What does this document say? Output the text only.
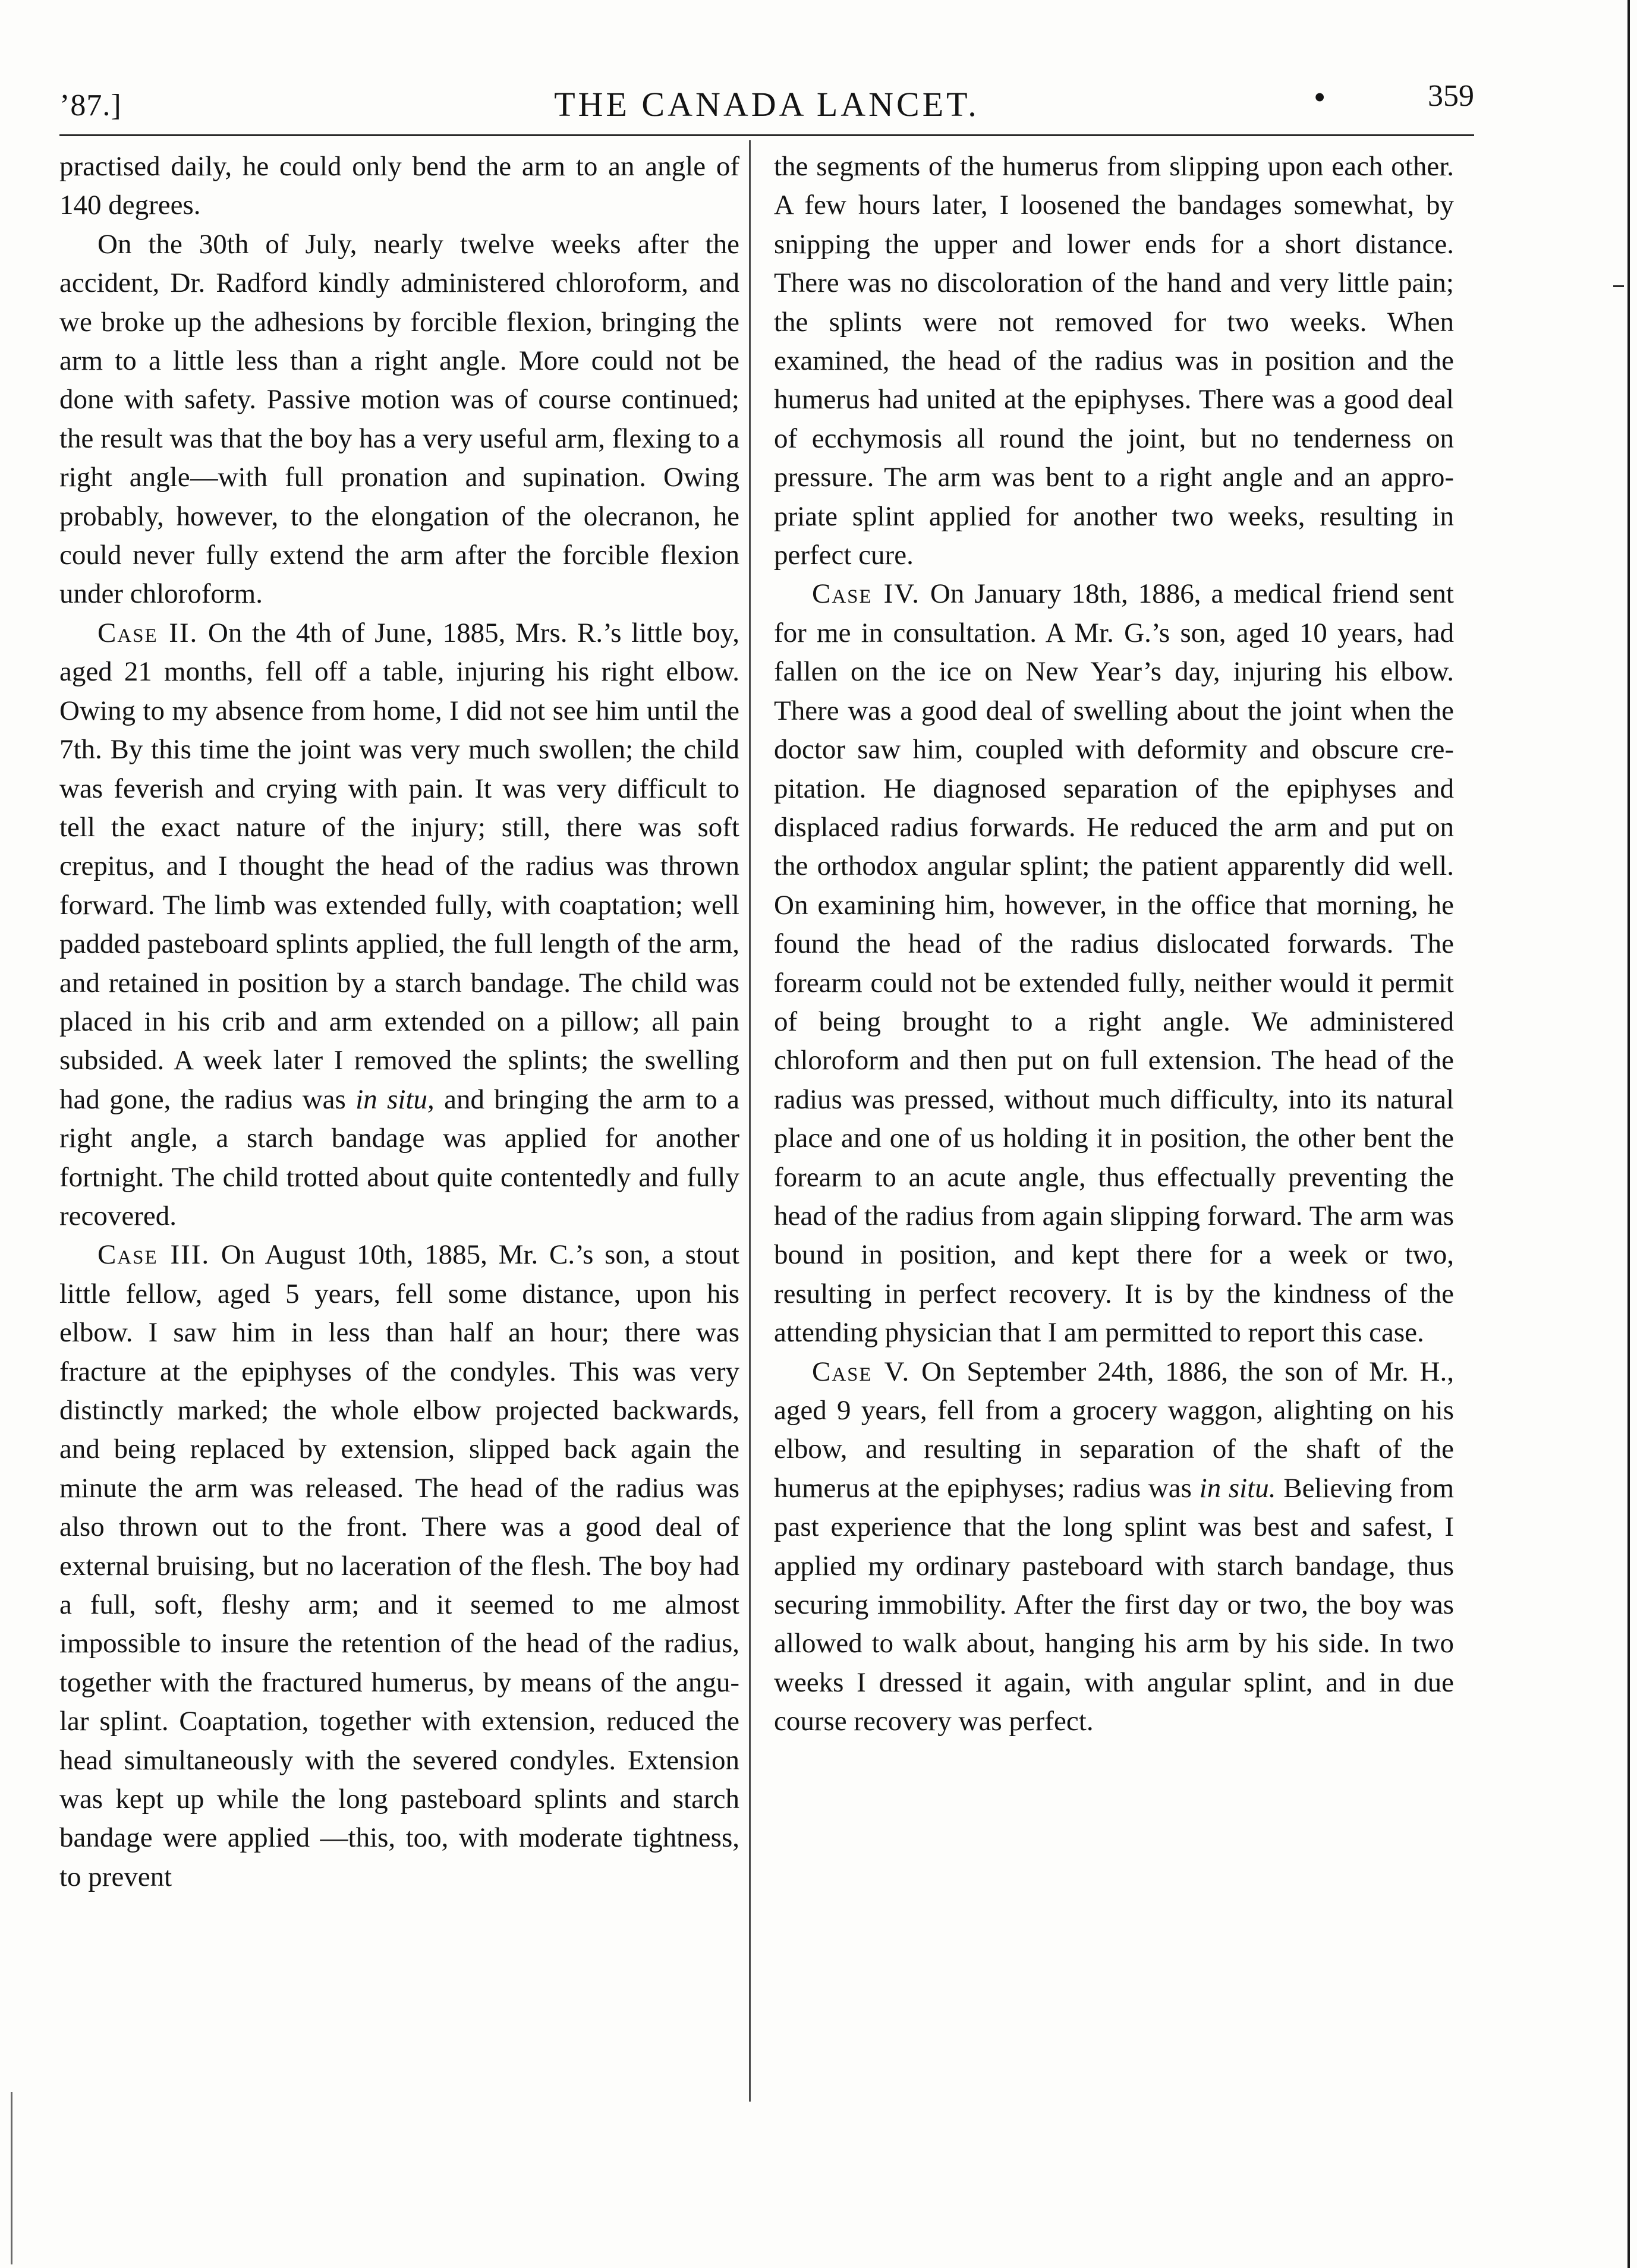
’87.]	THE CANADA LANCET.	•	359

practised daily, he could only bend the arm to an angle of 140 degrees.

On the 30th of July, nearly twelve weeks after the accident, Dr. Radford kindly administered chloroform, and we broke up the adhesions by forcible flexion, bringing the arm to a little less than a right angle. More could not be done with safety. Passive motion was of course continued; the result was that the boy has a very useful arm, flexing to a right angle—with full pronation and supination. Owing probably, however, to the elongation of the olecranon, he could never fully extend the arm after the forcible flexion under chloroform.

Case II. On the 4th of June, 1885, Mrs. R.’s little boy, aged 21 months, fell off a table, injuring his right elbow. Owing to my absence from home, I did not see him until the 7th. By this time the joint was very much swollen; the child was feverish and crying with pain. It was very difficult to tell the exact nature of the injury; still, there was soft crepitus, and I thought the head of the radius was thrown forward. The limb was extended fully, with coaptation; well padded pasteboard splints applied, the full length of the arm, and retained in position by a starch bandage. The child was placed in his crib and arm extended on a pillow; all pain subsided. A week later I removed the splints; the swelling had gone, the radius was in situ, and bringing the arm to a right angle, a starch bandage was applied for another fortnight. The child trotted about quite contentedly and fully recovered.

Case III. On August 10th, 1885, Mr. C.’s son, a stout little fellow, aged 5 years, fell some distance, upon his elbow. I saw him in less than half an hour; there was fracture at the epiphyses of the condyles. This was very distinctly marked; the whole elbow projected backwards, and being replaced by extension, slipped back again the minute the arm was released. The head of the radius was also thrown out to the front. There was a good deal of external bruising, but no laceration of the flesh. The boy had a full, soft, fleshy arm; and it seemed to me almost impossible to insure the retention of the head of the radius, together with the fractured humerus, by means of the angular splint. Coaptation, together with extension, reduced the head simultaneously with the severed condyles. Extension was kept up while the long pasteboard splints and starch bandage were applied —this, too, with moderate tightness, to prevent

the segments of the humerus from slipping upon each other. A few hours later, I loosened the bandages somewhat, by snipping the upper and lower ends for a short distance. There was no discoloration of the hand and very little pain; the splints were not removed for two weeks. When examined, the head of the radius was in position and the humerus had united at the epiphyses. There was a good deal of ecchymosis all round the joint, but no tenderness on pressure. The arm was bent to a right angle and an appropriate splint applied for another two weeks, resulting in perfect cure.

Case IV. On January 18th, 1886, a medical friend sent for me in consultation. A Mr. G.’s son, aged 10 years, had fallen on the ice on New Year’s day, injuring his elbow. There was a good deal of swelling about the joint when the doctor saw him, coupled with deformity and obscure crepitation. He diagnosed separation of the epiphyses and displaced radius forwards. He reduced the arm and put on the orthodox angular splint; the patient apparently did well. On examining him, however, in the office that morning, he found the head of the radius dislocated forwards. The forearm could not be extended fully, neither would it permit of being brought to a right angle. We administered chloroform and then put on full extension. The head of the radius was pressed, without much difficulty, into its natural place and one of us holding it in position, the other bent the forearm to an acute angle, thus effectually preventing the head of the radius from again slipping forward. The arm was bound in position, and kept there for a week or two, resulting in perfect recovery. It is by the kindness of the attending physician that I am permitted to report this case.

Case V. On September 24th, 1886, the son of Mr. H., aged 9 years, fell from a grocery waggon, alighting on his elbow, and resulting in separation of the shaft of the humerus at the epiphyses; radius was in situ. Believing from past experience that the long splint was best and safest, I applied my ordinary pasteboard with starch bandage, thus securing immobility. After the first day or two, the boy was allowed to walk about, hanging his arm by his side. In two weeks I dressed it again, with angular splint, and in due course recovery was perfect.
